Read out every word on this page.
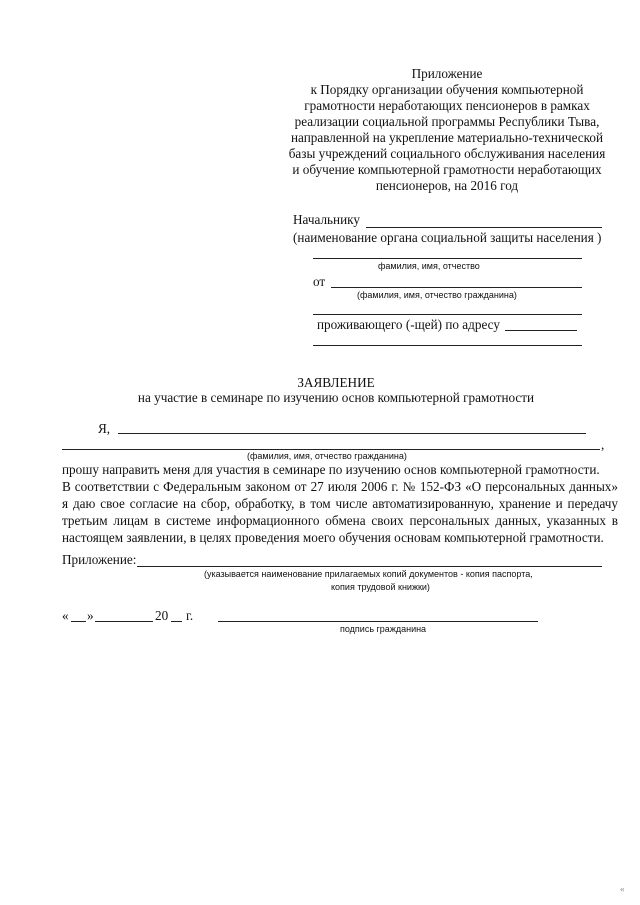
Приложение
к Порядку организации обучения компьютерной
грамотности неработающих пенсионеров в рамках
реализации социальной программы Республики Тыва,
направленной на укрепление материально-технической
базы учреждений социального обслуживания населения
и обучение компьютерной грамотности неработающих
пенсионеров, на 2016 год
Начальнику
(наименование органа социальной защиты населения )
фамилия, имя, отчество
от
(фамилия, имя, отчество гражданина)
проживающего (-щей) по адресу
ЗАЯВЛЕНИЕ
на участие в семинаре по изучению основ компьютерной грамотности
Я,
,
(фамилия, имя, отчество гражданина)
прошу направить меня для участия в семинаре по изучению основ компьютерной грамотности.
В соответствии с Федеральным законом от 27 июля 2006 г. № 152-ФЗ «О персональных данных»
я даю свое согласие на сбор, обработку, в том числе автоматизированную, хранение и передачу
третьим лицам в системе информационного обмена своих персональных данных, указанных в
настоящем заявлении, в целях проведения моего обучения основам компьютерной грамотности.
Приложение:
(указывается наименование прилагаемых копий документов - копия паспорта,
копия трудовой книжки)
« »	20 г.
подпись гражданина
«
